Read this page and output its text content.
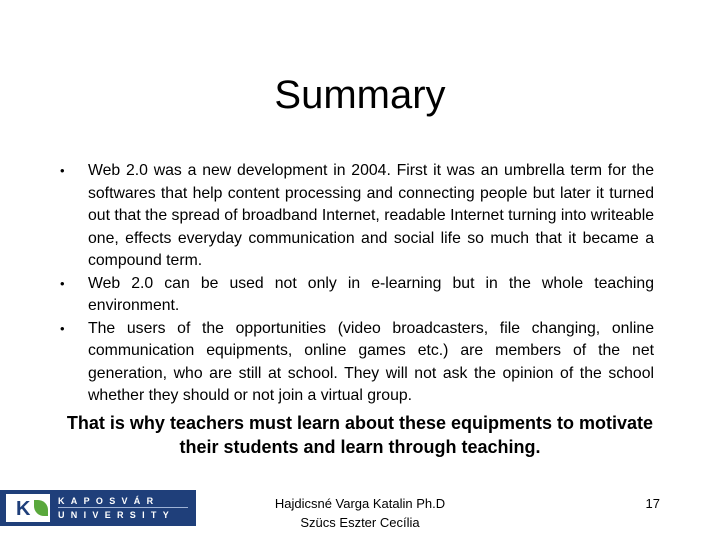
Summary
• Web 2.0 was a new development in 2004. First it was an umbrella term for the softwares that help content processing and connecting people but later it turned out that the spread of broadband Internet, readable Internet turning into writeable one, effects everyday communication and social life so much that it became a compound term.
• Web 2.0 can be used not only in e-learning but in the whole teaching environment.
• The users of the opportunities (video broadcasters, file changing, online communication equipments, online games etc.) are members of the net generation, who are still at school. They will not ask the opinion of the school whether they should or not join a virtual group.
That is why teachers must learn about these equipments to motivate their students and learn through teaching.
K	KAPOSVÁR
UNIVERSITY
Hajdicsné Varga Katalin Ph.D
Szücs Eszter Cecília
17
